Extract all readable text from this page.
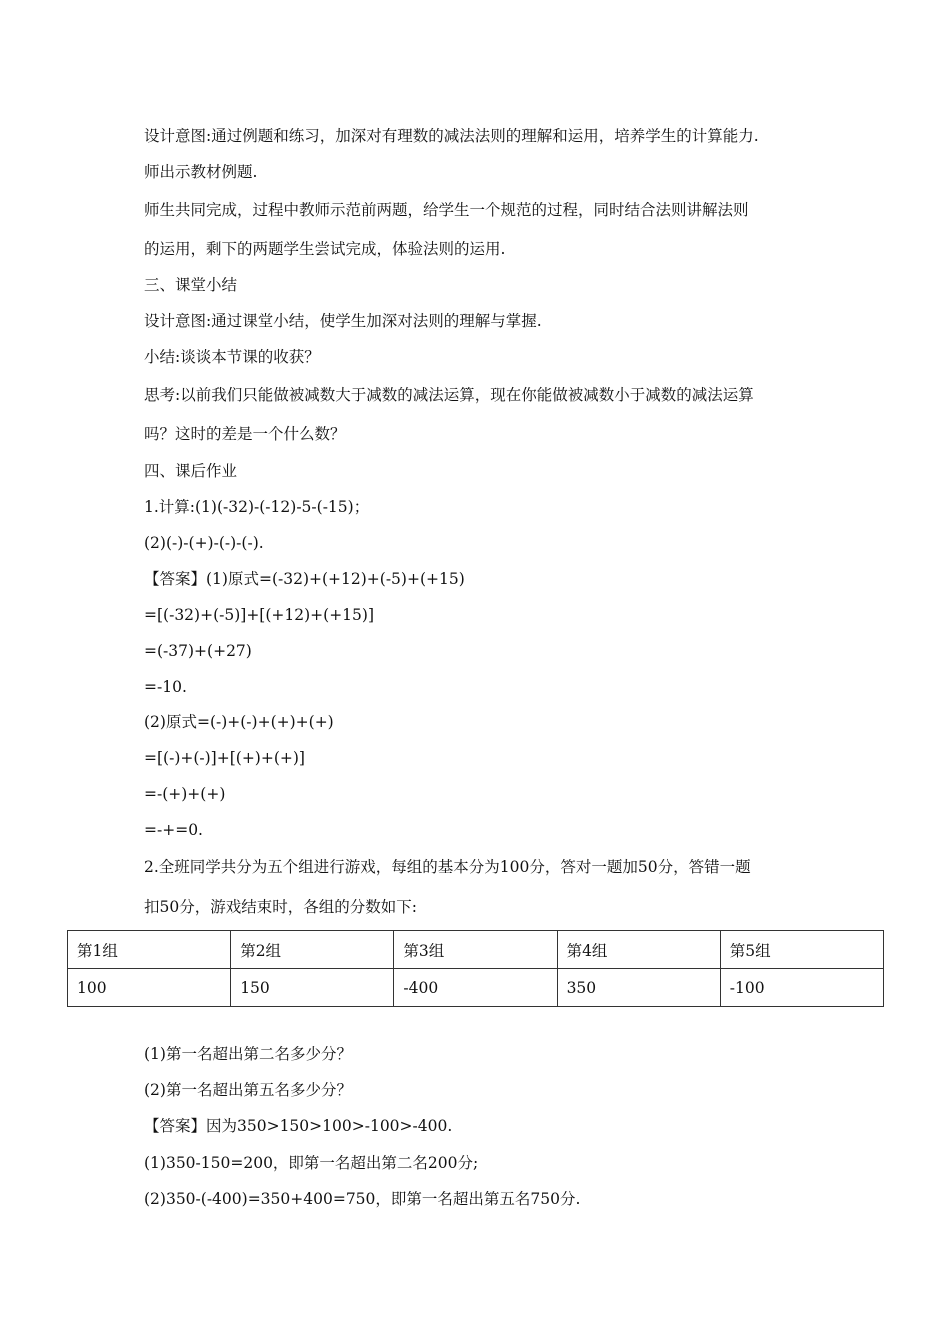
设计意图:通过例题和练习，加深对有理数的减法法则的理解和运用，培养学生的计算能力.
师出示教材例题.
师生共同完成，过程中教师示范前两题，给学生一个规范的过程，同时结合法则讲解法则
的运用，剩下的两题学生尝试完成，体验法则的运用.
三、课堂小结
设计意图:通过课堂小结，使学生加深对法则的理解与掌握.
小结:谈谈本节课的收获？
思考:以前我们只能做被减数大于减数的减法运算，现在你能做被减数小于减数的减法运算
吗？这时的差是一个什么数？
四、课后作业
1.计算:(1)(-32)-(-12)-5-(-15)；
(2)(-)-(+)-(-)-(-).
【答案】(1)原式=(-32)+(+12)+(-5)+(+15)
=[(-32)+(-5)]+[(+12)+(+15)]
=(-37)+(+27)
=-10.
(2)原式=(-)+(-)+(+)+(+)
=[(-)+(-)]+[(+)+(+)]
=-(+)+(+)
=-+=0.
2.全班同学共分为五个组进行游戏，每组的基本分为100分，答对一题加50分，答错一题
扣50分，游戏结束时，各组的分数如下:
第1组	第2组	第3组	第4组	第5组
100	150	-400	350	-100
(1)第一名超出第二名多少分？
(2)第一名超出第五名多少分？
【答案】因为350>150>100>-100>-400.
(1)350-150=200，即第一名超出第二名200分;
(2)350-(-400)=350+400=750，即第一名超出第五名750分.
